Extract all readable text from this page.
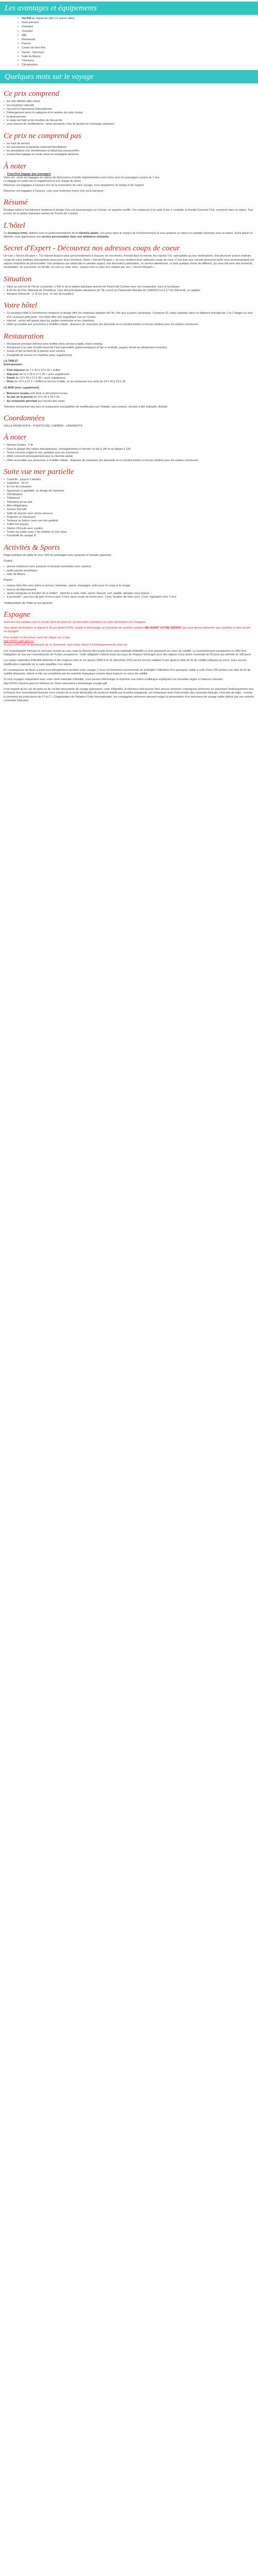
Les avantages et équipements
• Vol A/R au départ de Lille (+2 autres villes)
• Demi-pension
• Chambre
• Transfert
• Wifi
• Restaurant
• Piscine
• Centre de bien-être
• Sauna - Hammam
• Salle de fitness
• Télévision
• Climatisation
Quelques mots sur le voyage
Ce prix comprend
• les vols affrétés aller-retour
• les transferts collectifs
• l'accueil et l'assistance francophones
• l'hébergement selon la catégorie et le nombre de nuits choisis
• la demi-pension
• le repas de Noël et du réveillon du Nouvel An
• sous réserve de modifications : taxes aéroports, frais de gestion et surcharge carburant
Ce prix ne comprend pas
• les frais de service
• les assurances et garantie carburant facultatives
• les prestations non mentionnées et dépenses personnelles
• la franchise bagage en soute selon la compagnie aérienne
À noter

→ Franchise bagage (par passager)
Votre vol : seuls les bagages en cabine de dimensions et poids réglementaires sont inclus pour les passagers à partir de 2 ans.
Le bagage en soute est en supplément et à la charge du client.
Réservez vos bagages à l'avance lors de la réservation de votre voyage, vous épargnerez du temps et de l'argent.

Réservez vos bagages à l'avance, cela vous reviendra moins cher qu'à l'aéroport.

Résumé

Boutique-hôtel à l'architecture moderne et design Une vue panoramique sur l'océan, ce superbe souffle ! Un restaurant à la carte et bar à cocktails, le Kontiki Gourmet Club, renommé dans la région. Tout proche de la station balnéaire animée de Puerto del Carmen

L'hôtel

Ce boutique-hôtel, élaboré avec le professionnalisme de la clientèle adulte, est conçu dans le respect de l'environnement et vous propose un séjour en parfaite harmonie avec la nature. Entre plaisir et détente, vous apprécierez son service personnalisé dans une ambiance relaxante.

Secret d'Expert - Découvrez nos adresses coups de coeur

Un coin « Secret d'Expert », TUI répond toujours plus personnellement à chacune de vos envies. Portrait dans le monde, les experts TUI, spécialistes au tour destinations, font découvrir à leurs endroits coups de cœur préférés sélectionnés aussi pour leurs émotions. Dans « Secret d'Expert », ils vous révèlent leurs adresses coups de cœur. C'est avec leur conseil personnel qu'ils vous recommandent ces séjours empreints de personnalité. Une ambiance qui séduit dès le premier regard, une décoration particulière, un service attentionné, ce petit quelque chose de différent, qui vous fait vivre des moments inoubliables. En promesse, en famille, en solo ou entre amis : laissez-vous à votre tour séduire par nos « Secret d'Expert ».

Situation
• Situé au sud-est de l'île de Lanzarote, à 300 m de la station balnéaire animée de Puerto del Carmen avec ses restaurants, bars et boutiques.
• À 20 km du Parc National de Timanfaya, l'une des principales attractions de l'île, inscrit au Patrimoine Mondial de l'UNESCO et à 17 km d'Arrecife, la capitale.
• Aéroport d'Arrecife : à 15 km (env. 15 min de transfert).
Votre hôtel
• Ce boutique-hôtel à l'architecture moderne et design offre les matériaux typiques de l'île, tels que la pierre volcanique. Il propose 81 suites réparties dans un bâtiment principal de 1 ou 2 étages au sein d'un ravissant petit jardin. Cet hôtel offre une magnifique vue sur l'océan.
• Internet : accès wifi gratuit dans les parties communes et les chambres.
• Hôtel accessible aux personnes à mobilité réduite : disposez de chambres (en demande et en nombre limité) et d'accès facilités pour les parties communes.
Restauration
• Restaurant principal intérieur avec buffets et/ou service à table, show cooking.
• Restaurant à la carte Kontiki Gourmet Club (spécialités gastronomiques) et bar à cocktails, payant, fermé les dimanches et lundis).
• Snack et bar au bord de la piscine avec service.
• Possibilité de service en chambre (avec supplément).

LA TABLE*
Demi-pension :

• Petit déjeuner de 7 h 30 à 10 h 30 + buffet.
• Déjeuner de 12 h 30 à 17 h 30 + avec supplément.
• Snack de 12 h 30 à 17 h 30 + avec supplément.
• Dîner de 19 h à 22 h + buffet ou service à table, ou au restaurant à la carte de 18 h 30 à 23 h 30.

LE BAR (avec supplément)

• Boissons locales soft drink et décoctions locaux.
• Au bar de la piscine de 10 h 30 à 18 h 30.
• Au restaurant principal aux heures des repas.

*Horaires d'ouverture des bars et restaurants susceptibles de modification par l'hôtelier sans préavis, donnés à titre indicatifs. Activité

Coordonnées

CALLE REINA SOFIA - PUERTO DEL CARMEN - LANZAROTE

À noter
• Normes locales : 4 ★
• Dans le plupart des hôtels internationaux, l'enregistrement à l'arrivée se fait à 14h et au départ à 12h.
• Tenue correcte exigée le soir, pantalon pour les messieurs.
• Hôtel connecté principalement pour la clientèle adulte.
• Hôtel accessible aux personnes à mobilité réduite : disposez de chambres (en demande et en nombre limité) et d'accès facilités pour les parties communes.
Suite vue mer partielle
• Capacité : jusqu'à 3 adultes.
• Superficie : 50 m²
• En rez-de-chaussée
• Spacieuse et agréable, au design de caractère
• Climatisation
• Téléphone
• Télévision écran plat
• Mini-réfrigérateur
• Service thé/café
• Salle de douche avec sèche-cheveux
• Peignoirs et chaussons
• Terrasse ou balcon avec vue mer partielle
• Coffre-fort payant
• Station d'écoute avec caution
• Toutes les suites avec 2 lits simples et coin salon
• Possibilité de canapé lit
Activités & Sports

Plage publique de sable fin (env. 500 m) aménagée avec parasols et transats (payants).

Gratuit :

• piscine extérieure avec parasols et transats (serviettes avec caution)
• petite piscine dynamique
• salle de fitness

Payant :

• espace bien-être avec bains à remous, hammam, sauna, massages, soins pour le corps et le visage
• service de blanchisserie
• sports nautiques en fonction de la météo* : planche à voile, voile, canoë, kitesurf, surf, paddle, plongée sous-marine
• à proximité* : parcours de golf 18 trous (env. 5 km), deux courts de tennis (env. 1 km), location de vélos (env. 1 km), équitation (env. 5 km)

*indépendants de l'hôtel et non garantis.

Espagne

Selon la crise sanitaire que le monde vient de traverser, les formalités sanitaires sur votre destination ont changées.

Vous devez destinataire et depuis le 05 juin (juillet 2020), remplir et télécharger un formulaire de contrôle sanitaire 48H AVANT VOTRE DÉPART par vous devrez présenter aux contrôles à votre arrivée en Espagne.

Pour remplir ce document, merci de cliquer sur ce lien :
http://XXXX.spth.gob.es/
Si vous n'êtes pas en possession de ce document, vous serez refusé à l'embarquement de votre vol.

Les ressortissants français ne sont pas soumis au visa, mais ils doivent être munis d'une carte nationale d'identité ou d'un passeport en cours de validité. Le Gouvernement européenne en effet lève l'obligation de visa aux ressortissants de l'Union européenne. Cette obligation s'étend aussi aux pays de l'espace Schengen pour des séjours d'une durée maximale de 90 jours par période de 180 jours.

Les cartes nationales d'identité délivrées à des majeurs entre le 1er janvier 2004 et le 31 décembre 2013 seront encore valables 5 ans après la date de fin de validité indiquée au verso, mais aucune modification matérielle de la carte plastifiée n'en atteste.

En conséquence de façon à éviter tout désagrément pendant votre voyage, il vous est fortement recommandé de privilégier l'utilisation d'un passeport valide à celle d'une CNI portant une date de fin de validité dépassée, même si elle est considérée par les autorités françaises comme étant toujours en cours de validité.

Si vous voyagez uniquement avec votre carte nationale d'identité, vous pouvez télécharger et imprimer une notice multilingue expliquant ces nouvelles règles à l'adresse suivante : http://XXXX.interieur.gouv.fr/ Intérieur trn 15ans-document-a-telecharger-voyage.pdf

Il est rappelé qu'en cas de perte ou de vol des documents de voyage (passeport, carte d'identité), la tolérance doit pouvoir faire preuve certaines compagnies aériennes en autorisant l'embarquement vers la France d'un ressortissant français sous couvert de la seule déclaration de perte/vol établie par la police espagnole, cet embarquer avec l'intervention des consulats français, n'est pas de règle : comme le prévoient les instructions de l'O.A.C.I. (Organisation de l'Aviation Civile Internationale), les compagnies aériennes peuvent exiger la présentation d'un document de voyage valide délivré par une autorité consulaire française.
